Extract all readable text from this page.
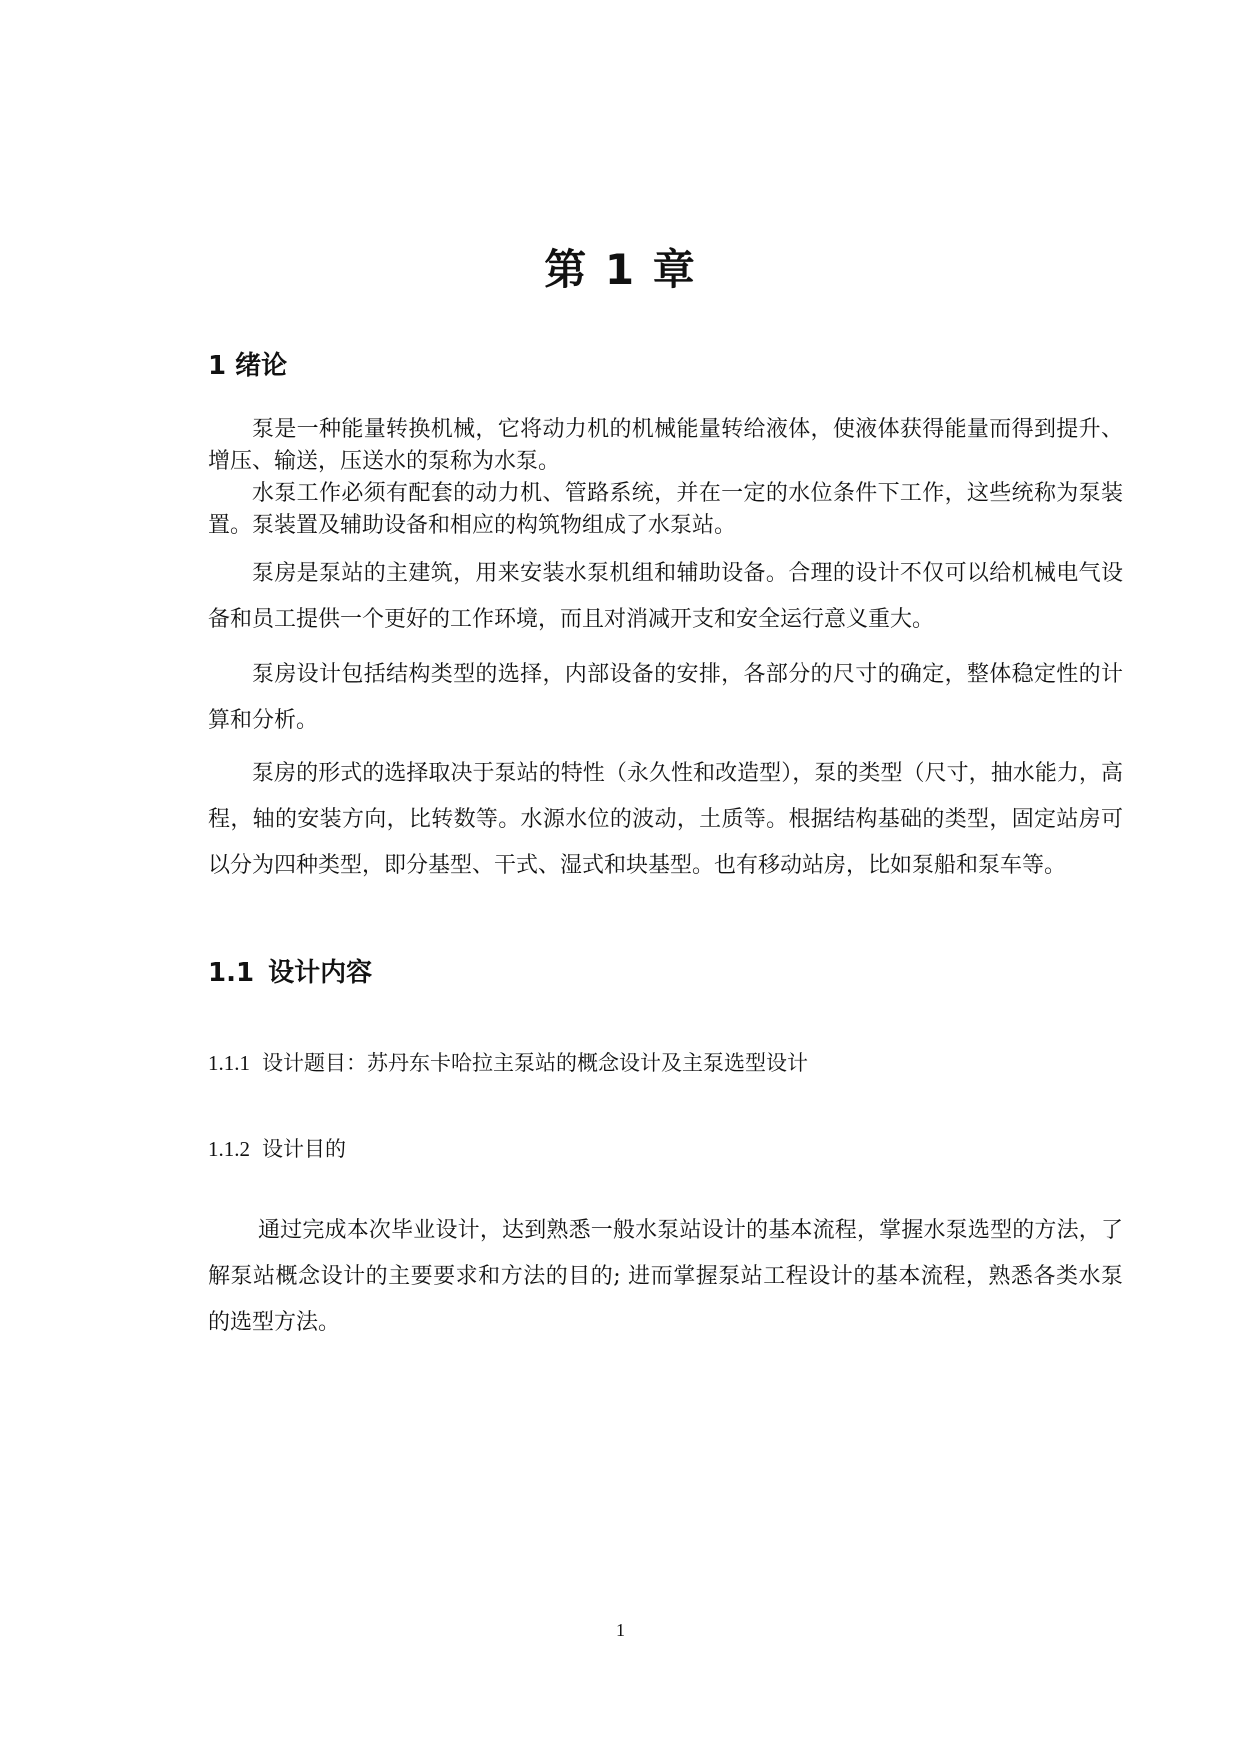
第 1 章
1 绪论

泵是一种能量转换机械，它将动力机的机械能量转给液体，使液体获得能量而得到提升、增压、输送，压送水的泵称为水泵。

水泵工作必须有配套的动力机、管路系统，并在一定的水位条件下工作，这些统称为泵装置。泵装置及辅助设备和相应的构筑物组成了水泵站。

泵房是泵站的主建筑，用来安装水泵机组和辅助设备。合理的设计不仅可以给机械电气设备和员工提供一个更好的工作环境，而且对消减开支和安全运行意义重大。

泵房设计包括结构类型的选择，内部设备的安排，各部分的尺寸的确定，整体稳定性的计算和分析。

泵房的形式的选择取决于泵站的特性（永久性和改造型），泵的类型（尺寸，抽水能力，高程，轴的安装方向，比转数等。水源水位的波动，土质等。根据结构基础的类型，固定站房可以分为四种类型，即分基型、干式、湿式和块基型。也有移动站房，比如泵船和泵车等。

1.1 设计内容
1.1.1 设计题目：苏丹东卡哈拉主泵站的概念设计及主泵选型设计
1.1.2 设计目的

通过完成本次毕业设计，达到熟悉一般水泵站设计的基本流程，掌握水泵选型的方法，了解泵站概念设计的主要要求和方法的目的; 进而掌握泵站工程设计的基本流程，熟悉各类水泵的选型方法。

1
